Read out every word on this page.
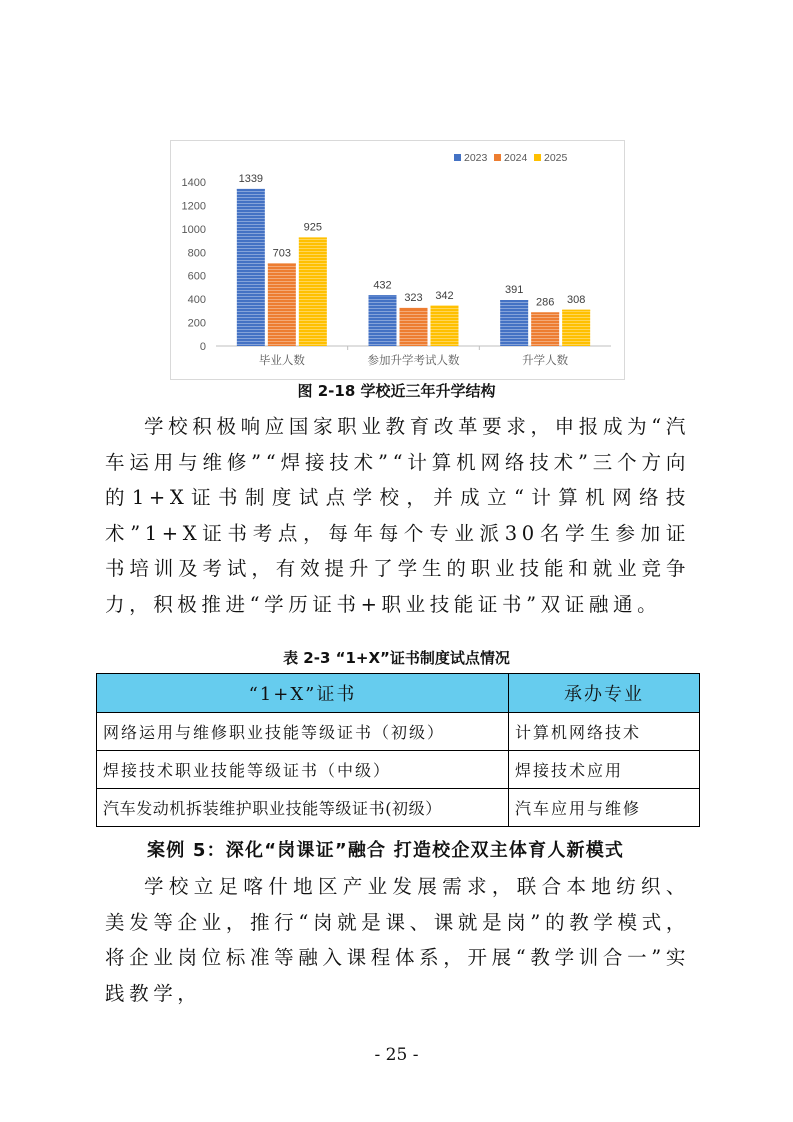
0
200
400
600
800
1000
1200
1400	1339
703
925
毕业人数
432
323 342
参加升学考试人数
391
286 308
升学人数
2023 2024 2025
图 2-18 学校近三年升学结构

学校积极响应国家职业教育改革要求，申报成为“汽车运用与维修”“焊接技术”“计算机网络技术”三个方向的1+X证书制度试点学校，并成立“计算机网络技术”1+X证书考点，每年每个专业派30名学生参加证书培训及考试，有效提升了学生的职业技能和就业竞争力，积极推进“学历证书+职业技能证书”双证融通。

表 2-3 “1+X”证书制度试点情况
“1+X”证书	承办专业
网络运用与维修职业技能等级证书（初级）	计算机网络技术
焊接技术职业技能等级证书（中级）	焊接技术应用
汽车发动机拆装维护职业技能等级证书(初级）	汽车应用与维修
案例 5：深化“岗课证”融合 打造校企双主体育人新模式

学校立足喀什地区产业发展需求，联合本地纺织、美发等企业，推行“岗就是课、课就是岗”的教学模式，将企业岗位标准等融入课程体系，开展“教学训合一”实践教学，

- 25 -
